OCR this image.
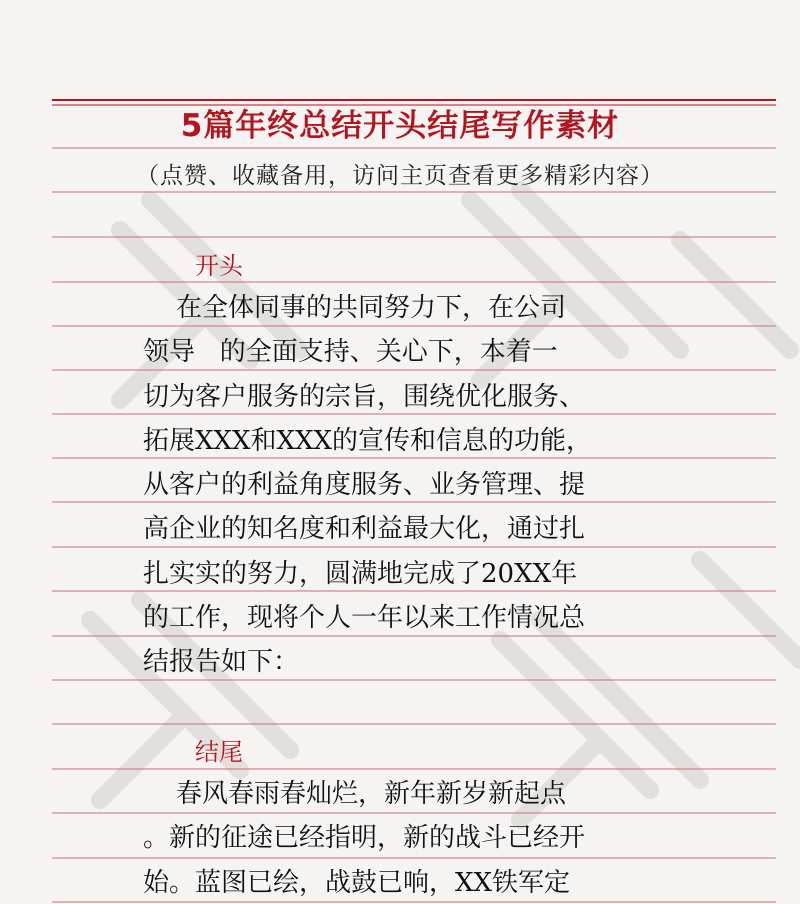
5篇年终总结开头结尾写作素材
（点赞、收藏备用，访问主页查看更多精彩内容）
开头
在全体同事的共同努力下，在公司
领导   的全面支持、关心下，本着一
切为客户服务的宗旨，围绕优化服务、
拓展XXX和XXX的宣传和信息的功能，
从客户的利益角度服务、业务管理、提
高企业的知名度和利益最大化，通过扎
扎实实的努力，圆满地完成了20XX年
的工作，现将个人一年以来工作情况总
结报告如下：
结尾
春风春雨春灿烂，新年新岁新起点
。新的征途已经指明，新的战斗已经开
始。蓝图已绘，战鼓已响，XX铁军定
